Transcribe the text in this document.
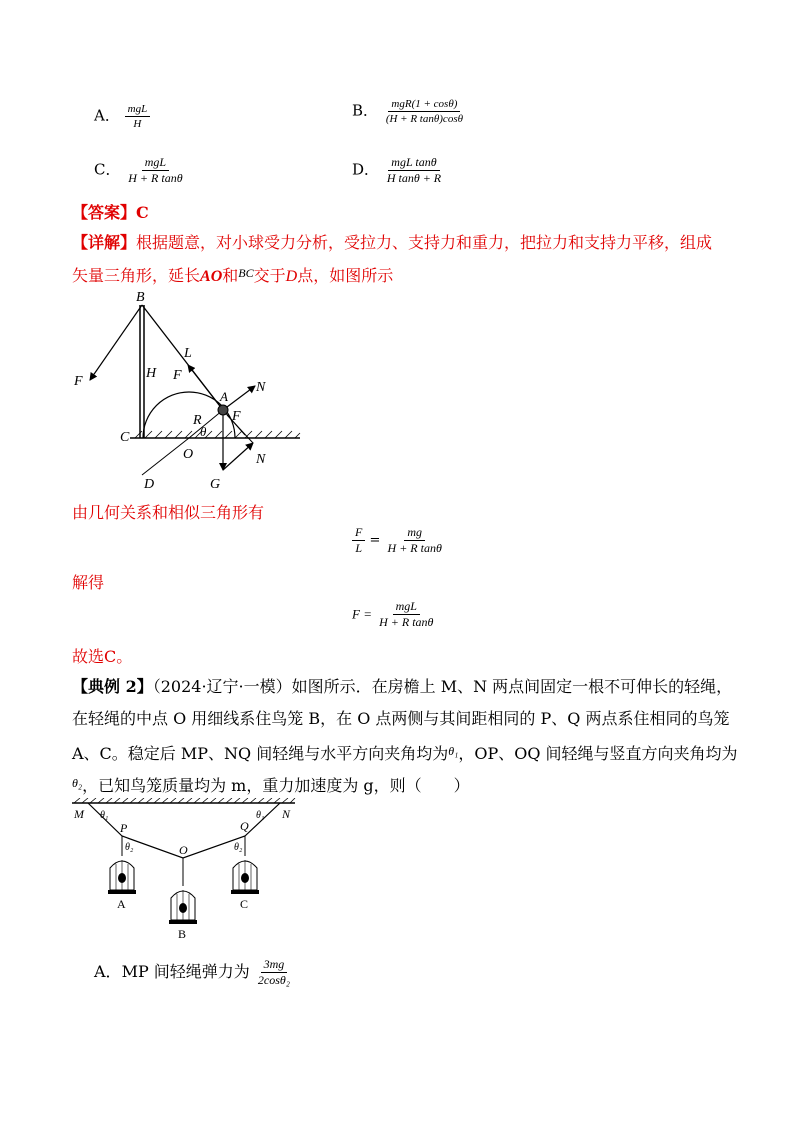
A． $\frac{\text{mgL}}{H}$	B． $\frac{\text{mgR(1 + cosθ)}}{\text{(H + R tanθ)cosθ}}$
C． $\frac{\text{mgL}}{\text{H + R tanθ}}$	D． $\frac{\text{mgL tanθ}}{\text{H tanθ + R}}$
【答案】C
【详解】根据题意，对小球受力分析，受拉力、支持力和重力，把拉力和支持力平移，组成
矢量三角形，延长AO和$^{BC}$交于D点，如图所示
B
F
H
L
F
A
N
R
θ
F
C
O	N
D	G
由几何关系和相似三角形有
$\frac{F}{L} = \frac{mg}{\text{H + R tanθ}}$
解得
$F = \frac{\text{mgL}}{\text{H + R tanθ}}$
故选C。
【典例 2】（2024·辽宁·一模）如图所示．在房檐上 M、N 两点间固定一根不可伸长的轻绳，
在轻绳的中点 O 用细线系住鸟笼 B，在 O 点两侧与其间距相同的 P、Q 两点系住相同的鸟笼
A、C。稳定后 MP、NQ 间轻绳与水平方向夹角均为$^{\theta_1}$，OP、OQ 间轻绳与竖直方向夹角均为
$^{\theta_2}$，已知鸟笼质量均为 m，重力加速度为 g，则（　　）
M	N
θ₁	θ₁
P	Q
θ₂	θ₂
O
A
B
C
A．MP 间轻绳弹力为 $\frac{3mg}{\text{2cosθ₂}}$
